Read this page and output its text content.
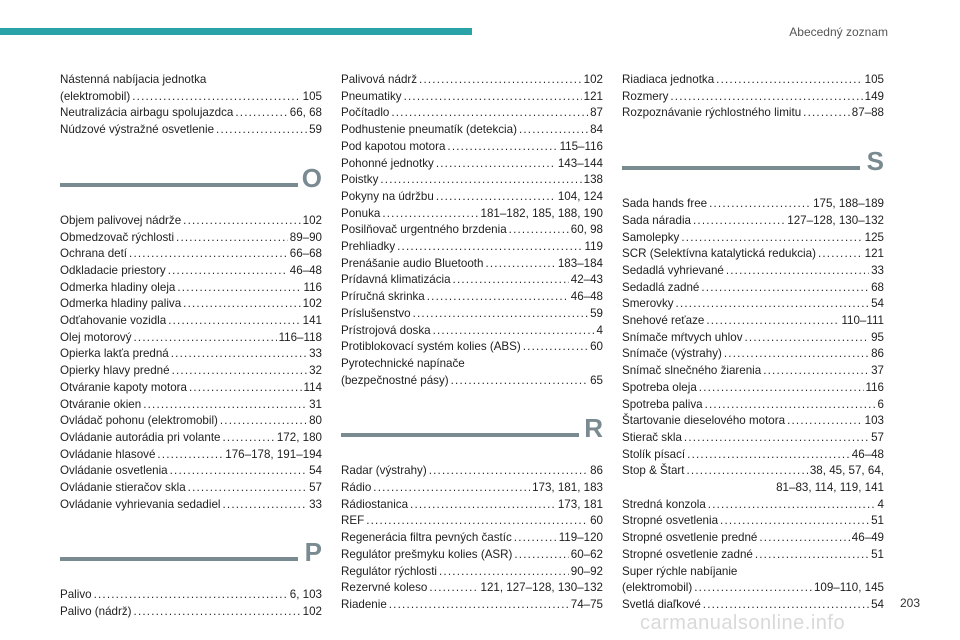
Abecedný zoznam
Nástenná nabíjacia jednotka
(elektromobil) .....	105
Neutralizácia airbagu spolujazdca .....	66, 68
Núdzové výstražné osvetlenie .....	59
O
Objem palivovej nádrže .....	102
Obmedzovač rýchlosti .....	89–90
Ochrana detí .....	66–68
Odkladacie priestory .....	46–48
Odmerka hladiny oleja .....	116
Odmerka hladiny paliva .....	102
Odťahovanie vozidla .....	141
Olej motorový .....	116–118
Opierka lakťa predná .....	33
Opierky hlavy predné .....	32
Otváranie kapoty motora .....	114
Otváranie okien .....	31
Ovládač pohonu (elektromobil) .....	80
Ovládanie autorádia pri volante .....	172, 180
Ovládanie hlasové .....	176–178, 191–194
Ovládanie osvetlenia .....	54
Ovládanie stieračov skla .....	57
Ovládanie vyhrievania sedadiel .....	33
P
Palivo .....	6, 103
Palivo (nádrž) .....	102
Palivová nádrž .....	102
Pneumatiky .....	121
Počítadlo .....	87
Podhustenie pneumatík (detekcia) .....	84
Pod kapotou motora .....	115–116
Pohonné jednotky .....	143–144
Poistky .....	138
Pokyny na údržbu .....	104, 124
Ponuka .....	181–182, 185, 188, 190
Posilňovač urgentného brzdenia .....	60, 98
Prehliadky .....	119
Prenášanie audio Bluetooth .....	183–184
Prídavná klimatizácia .....	42–43
Príručná skrinka .....	46–48
Príslušenstvo .....	59
Prístrojová doska .....	4
Protiblokovací systém kolies (ABS) .....	60
Pyrotechnické napínače
(bezpečnostné pásy) .....	65
R
Radar (výstrahy) .....	86
Rádio .....	173, 181, 183
Rádiostanica .....	173, 181
REF .....	60
Regenerácia filtra pevných častíc .....	119–120
Regulátor prešmyku kolies (ASR) .....	60–62
Regulátor rýchlosti .....	90–92
Rezervné koleso .....	121, 127–128, 130–132
Riadenie .....	74–75
Riadiaca jednotka .....	105
Rozmery .....	149
Rozpoznávanie rýchlostného limitu .....	87–88
S
Sada hands free .....	175, 188–189
Sada náradia .....	127–128, 130–132
Samolepky .....	125
SCR (Selektívna katalytická redukcia) .....	121
Sedadlá vyhrievané .....	33
Sedadlá zadné .....	68
Smerovky .....	54
Snehové reťaze .....	110–111
Snímače mŕtvych uhlov .....	95
Snímače (výstrahy) .....	86
Snímač slnečného žiarenia .....	37
Spotreba oleja .....	116
Spotreba paliva .....	6
Štartovanie dieselového motora .....	103
Stierač skla .....	57
Stolík písací .....	46–48
Stop & Štart .....	38, 45, 57, 64,
81–83, 114, 119, 141
Stredná konzola .....	4
Stropné osvetlenia .....	51
Stropné osvetlenie predné .....	46–49
Stropné osvetlenie zadné .....	51
Super rýchle nabíjanie
(elektromobil) .....	109–110, 145
Svetlá diaľkové .....	54 203
carmanualsonline.info
